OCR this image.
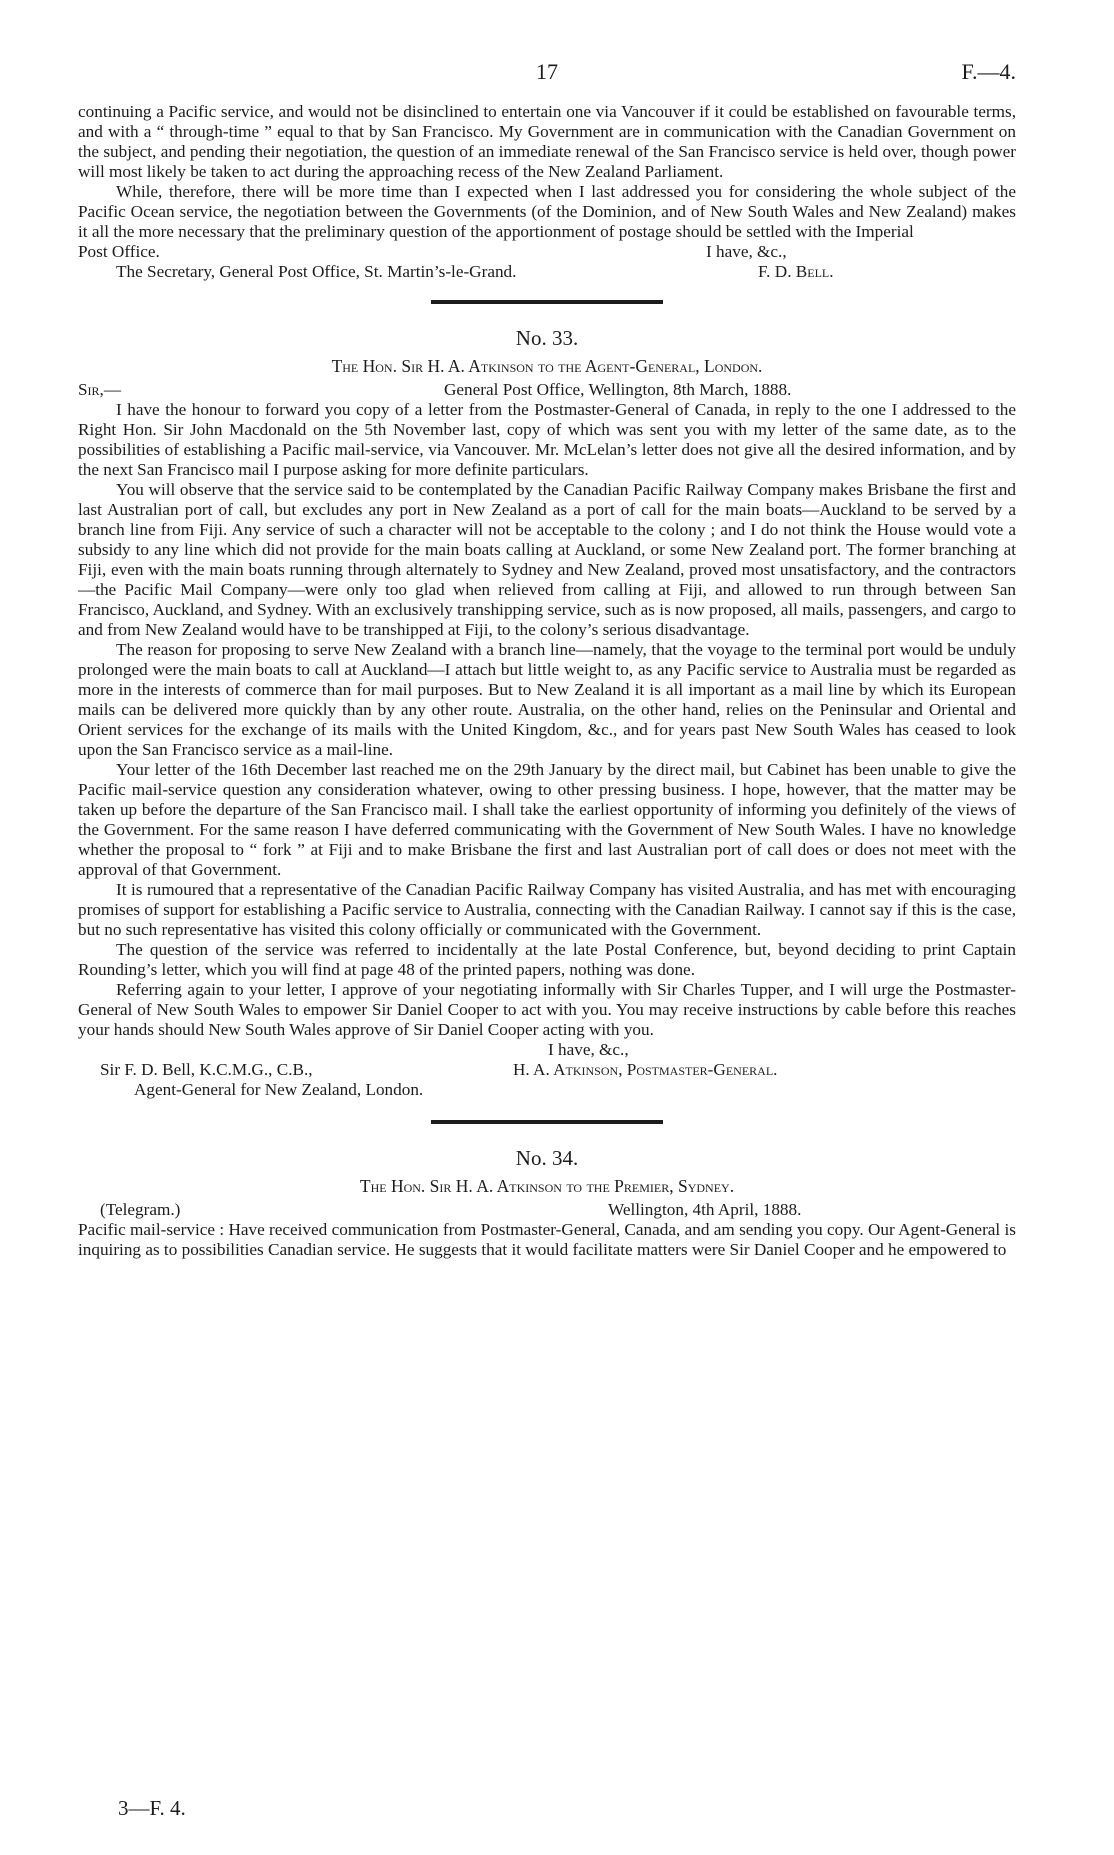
17	F.—4.

continuing a Pacific service, and would not be disinclined to entertain one via Vancouver if it could be established on favourable terms, and with a “ through-time ” equal to that by San Francisco. My Government are in communication with the Canadian Government on the subject, and pending their negotiation, the question of an immediate renewal of the San Francisco service is held over, though power will most likely be taken to act during the approaching recess of the New Zealand Parliament.

While, therefore, there will be more time than I expected when I last addressed you for considering the whole subject of the Pacific Ocean service, the negotiation between the Governments (of the Dominion, and of New South Wales and New Zealand) makes it all the more necessary that the preliminary question of the apportionment of postage should be settled with the Imperial

Post Office.	I have, &c.,
The Secretary, General Post Office, St. Martin’s-le-Grand.	F. D. Bell.
No. 33.
The Hon. Sir H. A. Atkinson to the Agent-General, London.
Sir,—	General Post Office, Wellington, 8th March, 1888.

I have the honour to forward you copy of a letter from the Postmaster-General of Canada, in reply to the one I addressed to the Right Hon. Sir John Macdonald on the 5th November last, copy of which was sent you with my letter of the same date, as to the possibilities of establishing a Pacific mail-service, via Vancouver. Mr. McLelan’s letter does not give all the desired information, and by the next San Francisco mail I purpose asking for more definite particulars.

You will observe that the service said to be contemplated by the Canadian Pacific Railway Company makes Brisbane the first and last Australian port of call, but excludes any port in New Zealand as a port of call for the main boats—Auckland to be served by a branch line from Fiji. Any service of such a character will not be acceptable to the colony ; and I do not think the House would vote a subsidy to any line which did not provide for the main boats calling at Auckland, or some New Zealand port. The former branching at Fiji, even with the main boats running through alternately to Sydney and New Zealand, proved most unsatisfactory, and the contractors—the Pacific Mail Company—were only too glad when relieved from calling at Fiji, and allowed to run through between San Francisco, Auckland, and Sydney. With an exclusively transhipping service, such as is now proposed, all mails, passengers, and cargo to and from New Zealand would have to be transhipped at Fiji, to the colony’s serious disadvantage.

The reason for proposing to serve New Zealand with a branch line—namely, that the voyage to the terminal port would be unduly prolonged were the main boats to call at Auckland—I attach but little weight to, as any Pacific service to Australia must be regarded as more in the interests of commerce than for mail purposes. But to New Zealand it is all important as a mail line by which its European mails can be delivered more quickly than by any other route. Australia, on the other hand, relies on the Peninsular and Oriental and Orient services for the exchange of its mails with the United Kingdom, &c., and for years past New South Wales has ceased to look upon the San Francisco service as a mail-line.

Your letter of the 16th December last reached me on the 29th January by the direct mail, but Cabinet has been unable to give the Pacific mail-service question any consideration whatever, owing to other pressing business. I hope, however, that the matter may be taken up before the departure of the San Francisco mail. I shall take the earliest opportunity of informing you definitely of the views of the Government. For the same reason I have deferred communicating with the Government of New South Wales. I have no knowledge whether the proposal to “ fork ” at Fiji and to make Brisbane the first and last Australian port of call does or does not meet with the approval of that Government.

It is rumoured that a representative of the Canadian Pacific Railway Company has visited Australia, and has met with encouraging promises of support for establishing a Pacific service to Australia, connecting with the Canadian Railway. I cannot say if this is the case, but no such representative has visited this colony officially or communicated with the Government.

The question of the service was referred to incidentally at the late Postal Conference, but, beyond deciding to print Captain Rounding’s letter, which you will find at page 48 of the printed papers, nothing was done.

Referring again to your letter, I approve of your negotiating informally with Sir Charles Tupper, and I will urge the Postmaster-General of New South Wales to empower Sir Daniel Cooper to act with you. You may receive instructions by cable before this reaches your hands should New South Wales approve of Sir Daniel Cooper acting with you.

I have, &c.,
Sir F. D. Bell, K.C.M.G., C.B.,	H. A. Atkinson, Postmaster-General.
Agent-General for New Zealand, London.
No. 34.
The Hon. Sir H. A. Atkinson to the Premier, Sydney.
(Telegram.)	Wellington, 4th April, 1888.

Pacific mail-service : Have received communication from Postmaster-General, Canada, and am sending you copy. Our Agent-General is inquiring as to possibilities Canadian service. He suggests that it would facilitate matters were Sir Daniel Cooper and he empowered to

3—F. 4.
